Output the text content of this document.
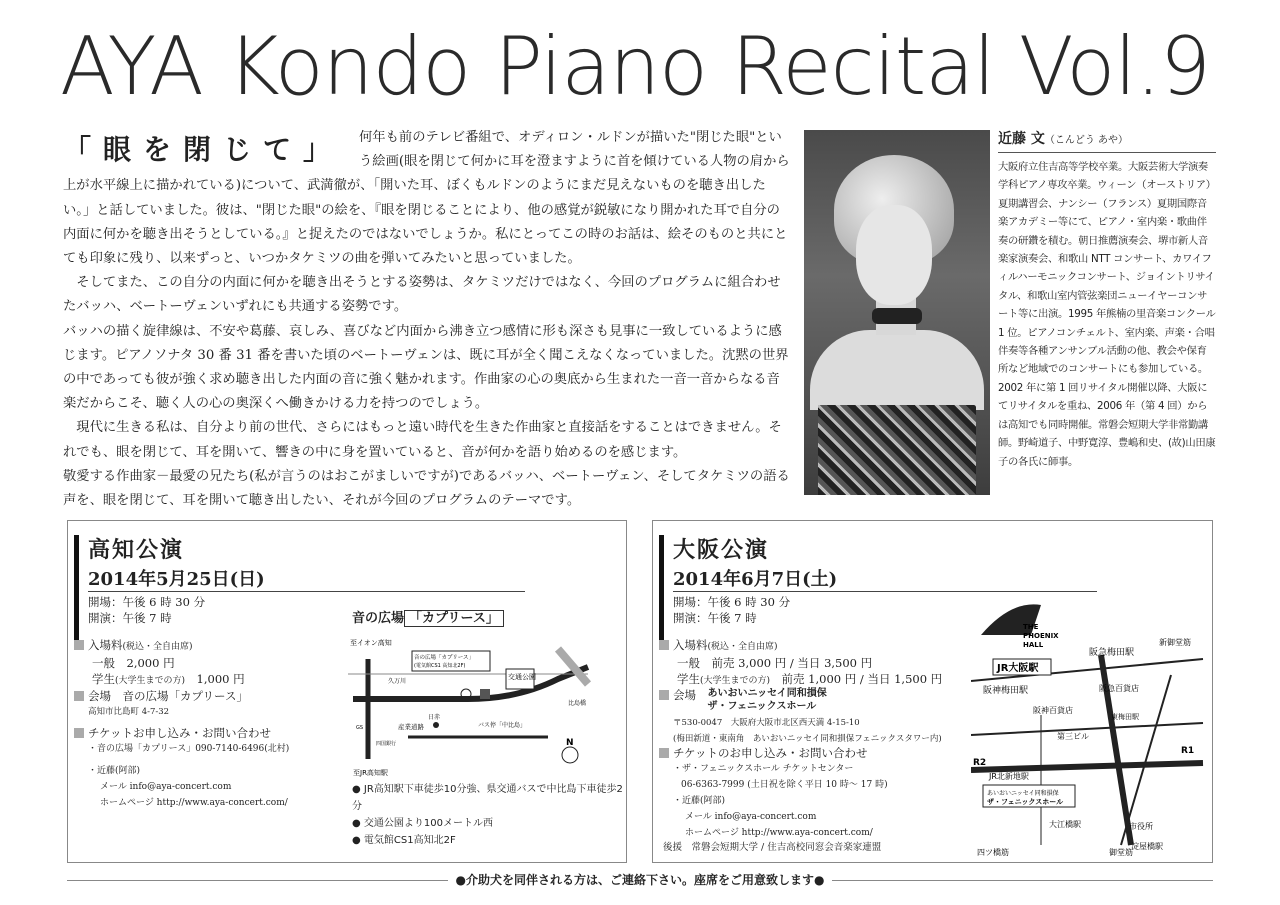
AYA Kondo Piano Recital Vol.9
「眼を閉じて」	何年も前のテレビ番組で、オディロン・ルドンが描いた"閉じた眼"という絵画(眼を閉じて何かに耳を澄ますように首を傾けている人物の肩から上が水平線上に描かれている)について、武満徹が、「開いた耳、ぼくもルドンのようにまだ見えないものを聴き出したい。」と話していました。彼は、"閉じた眼"の絵を、『眼を閉じることにより、他の感覚が鋭敏になり開かれた耳で自分の内面に何かを聴き出そうとしている。』と捉えたのではないでしょうか。私にとってこの時のお話は、絵そのものと共にとても印象に残り、以来ずっと、いつかタケミツの曲を弾いてみたいと思っていました。

そしてまた、この自分の内面に何かを聴き出そうとする姿勢は、タケミツだけではなく、今回のプログラムに組合わせたバッハ、ベートーヴェンいずれにも共通する姿勢です。

バッハの描く旋律線は、不安や葛藤、哀しみ、喜びなど内面から沸き立つ感情に形も深さも見事に一致しているように感じます。ピアノソナタ 30 番 31 番を書いた頃のベートーヴェンは、既に耳が全く聞こえなくなっていました。沈黙の世界の中であっても彼が強く求め聴き出した内面の音に強く魅かれます。作曲家の心の奥底から生まれた一音一音からなる音楽だからこそ、聴く人の心の奥深くへ働きかける力を持つのでしょう。

現代に生きる私は、自分より前の世代、さらにはもっと遠い時代を生きた作曲家と直接話をすることはできません。それでも、眼を閉じて、耳を開いて、響きの中に身を置いていると、音が何かを語り始めるのを感じます。

敬愛する作曲家－最愛の兄たち(私が言うのはおこがましいですが)であるバッハ、ベートーヴェン、そしてタケミツの語る声を、眼を閉じて、耳を開いて聴き出したい、それが今回のプログラムのテーマです。

近藤 文（こんどう あや）
大阪府立住吉高等学校卒業。大阪芸術大学演奏学科ピアノ専攻卒業。ウィーン（オーストリア）夏期講習会、ナンシー（フランス）夏期国際音楽アカデミー等にて、ピアノ・室内楽・歌曲伴奏の研鑽を積む。朝日推薦演奏会、堺市新人音楽家演奏会、和歌山 NTT コンサート、カワイフィルハーモニックコンサート、ジョイントリサイタル、和歌山室内管弦楽団ニューイヤーコンサート等に出演。1995 年熊楠の里音楽コンクール 1 位。ピアノコンチェルト、室内楽、声楽・合唱伴奏等各種アンサンブル活動の他、教会や保育所など地域でのコンサートにも参加している。2002 年に第 1 回リサイタル開催以降、大阪にてリサイタルを重ね、2006 年（第 4 回）からは高知でも同時開催。常磐会短期大学非常勤講師。野崎道子、中野寛淳、豊嶋和史、(故)山田康子の各氏に師事。
高知公演
2014年5月25日(日)
開場：午後 6 時 30 分
開演：午後 7 時
入場料(税込・全自由席)
一般　2,000 円
学生(大学生までの方)　 1,000 円
会場　 音の広場「カプリース」
高知市比島町 4-7-32
チケットお申し込み・お問い合わせ
・音の広場「カプリース」090-7140-6496(北村)
・近藤(阿部)
メール info@aya-concert.com
ホームページ http://www.aya-concert.com/
音の広場 「カプリース」
至イオン高知
音の広場「カプリース」
(電気館CS1 高知北2F)
交通公園
久万川
比島橋
産業道路	バス停「中比島」
GS
日赤
四国銀行
至JR高知駅
N
● JR高知駅下車徒歩10分強、県交通バスで中比島下車徒歩2分
● 交通公園より100メートル西
● 電気館CS1高知北2F
大阪公演
2014年6月7日(土)
開場：午後 6 時 30 分
開演：午後 7 時
入場料(税込・全自由席)
一般　前売 3,000 円 / 当日 3,500 円
学生(大学生までの方)　 前売 1,000 円 / 当日 1,500 円
会場　 あいおいニッセイ同和損保
ザ・フェニックスホール
〒530-0047　大阪府大阪市北区西天満 4-15-10
(梅田新道・東南角　あいおいニッセイ同和損保フェニックスタワー内)
チケットのお申し込み・お問い合わせ
・ザ・フェニックスホール チケットセンター
06-6363-7999 (土日祝を除く平日 10 時～ 17 時)
・近藤(阿部)
メール info@aya-concert.com
ホームページ http://www.aya-concert.com/
後援　常磐会短期大学 / 住吉高校同窓会音楽家連盟
THE
PHOENIX
HALL
JR大阪駅
阪急梅田駅
新御堂筋
阪神梅田駅	阪急百貨店
阪神百貨店
東梅田駅
第三ビル
R2
R1
JR北新地駅
あいおいニッセイ同和損保
ザ・フェニックスホール
大江橋駅	市役所
淀屋橋駅
四ツ橋筋	御堂筋
●介助犬を同伴される方は、ご連絡下さい。座席をご用意致します●
